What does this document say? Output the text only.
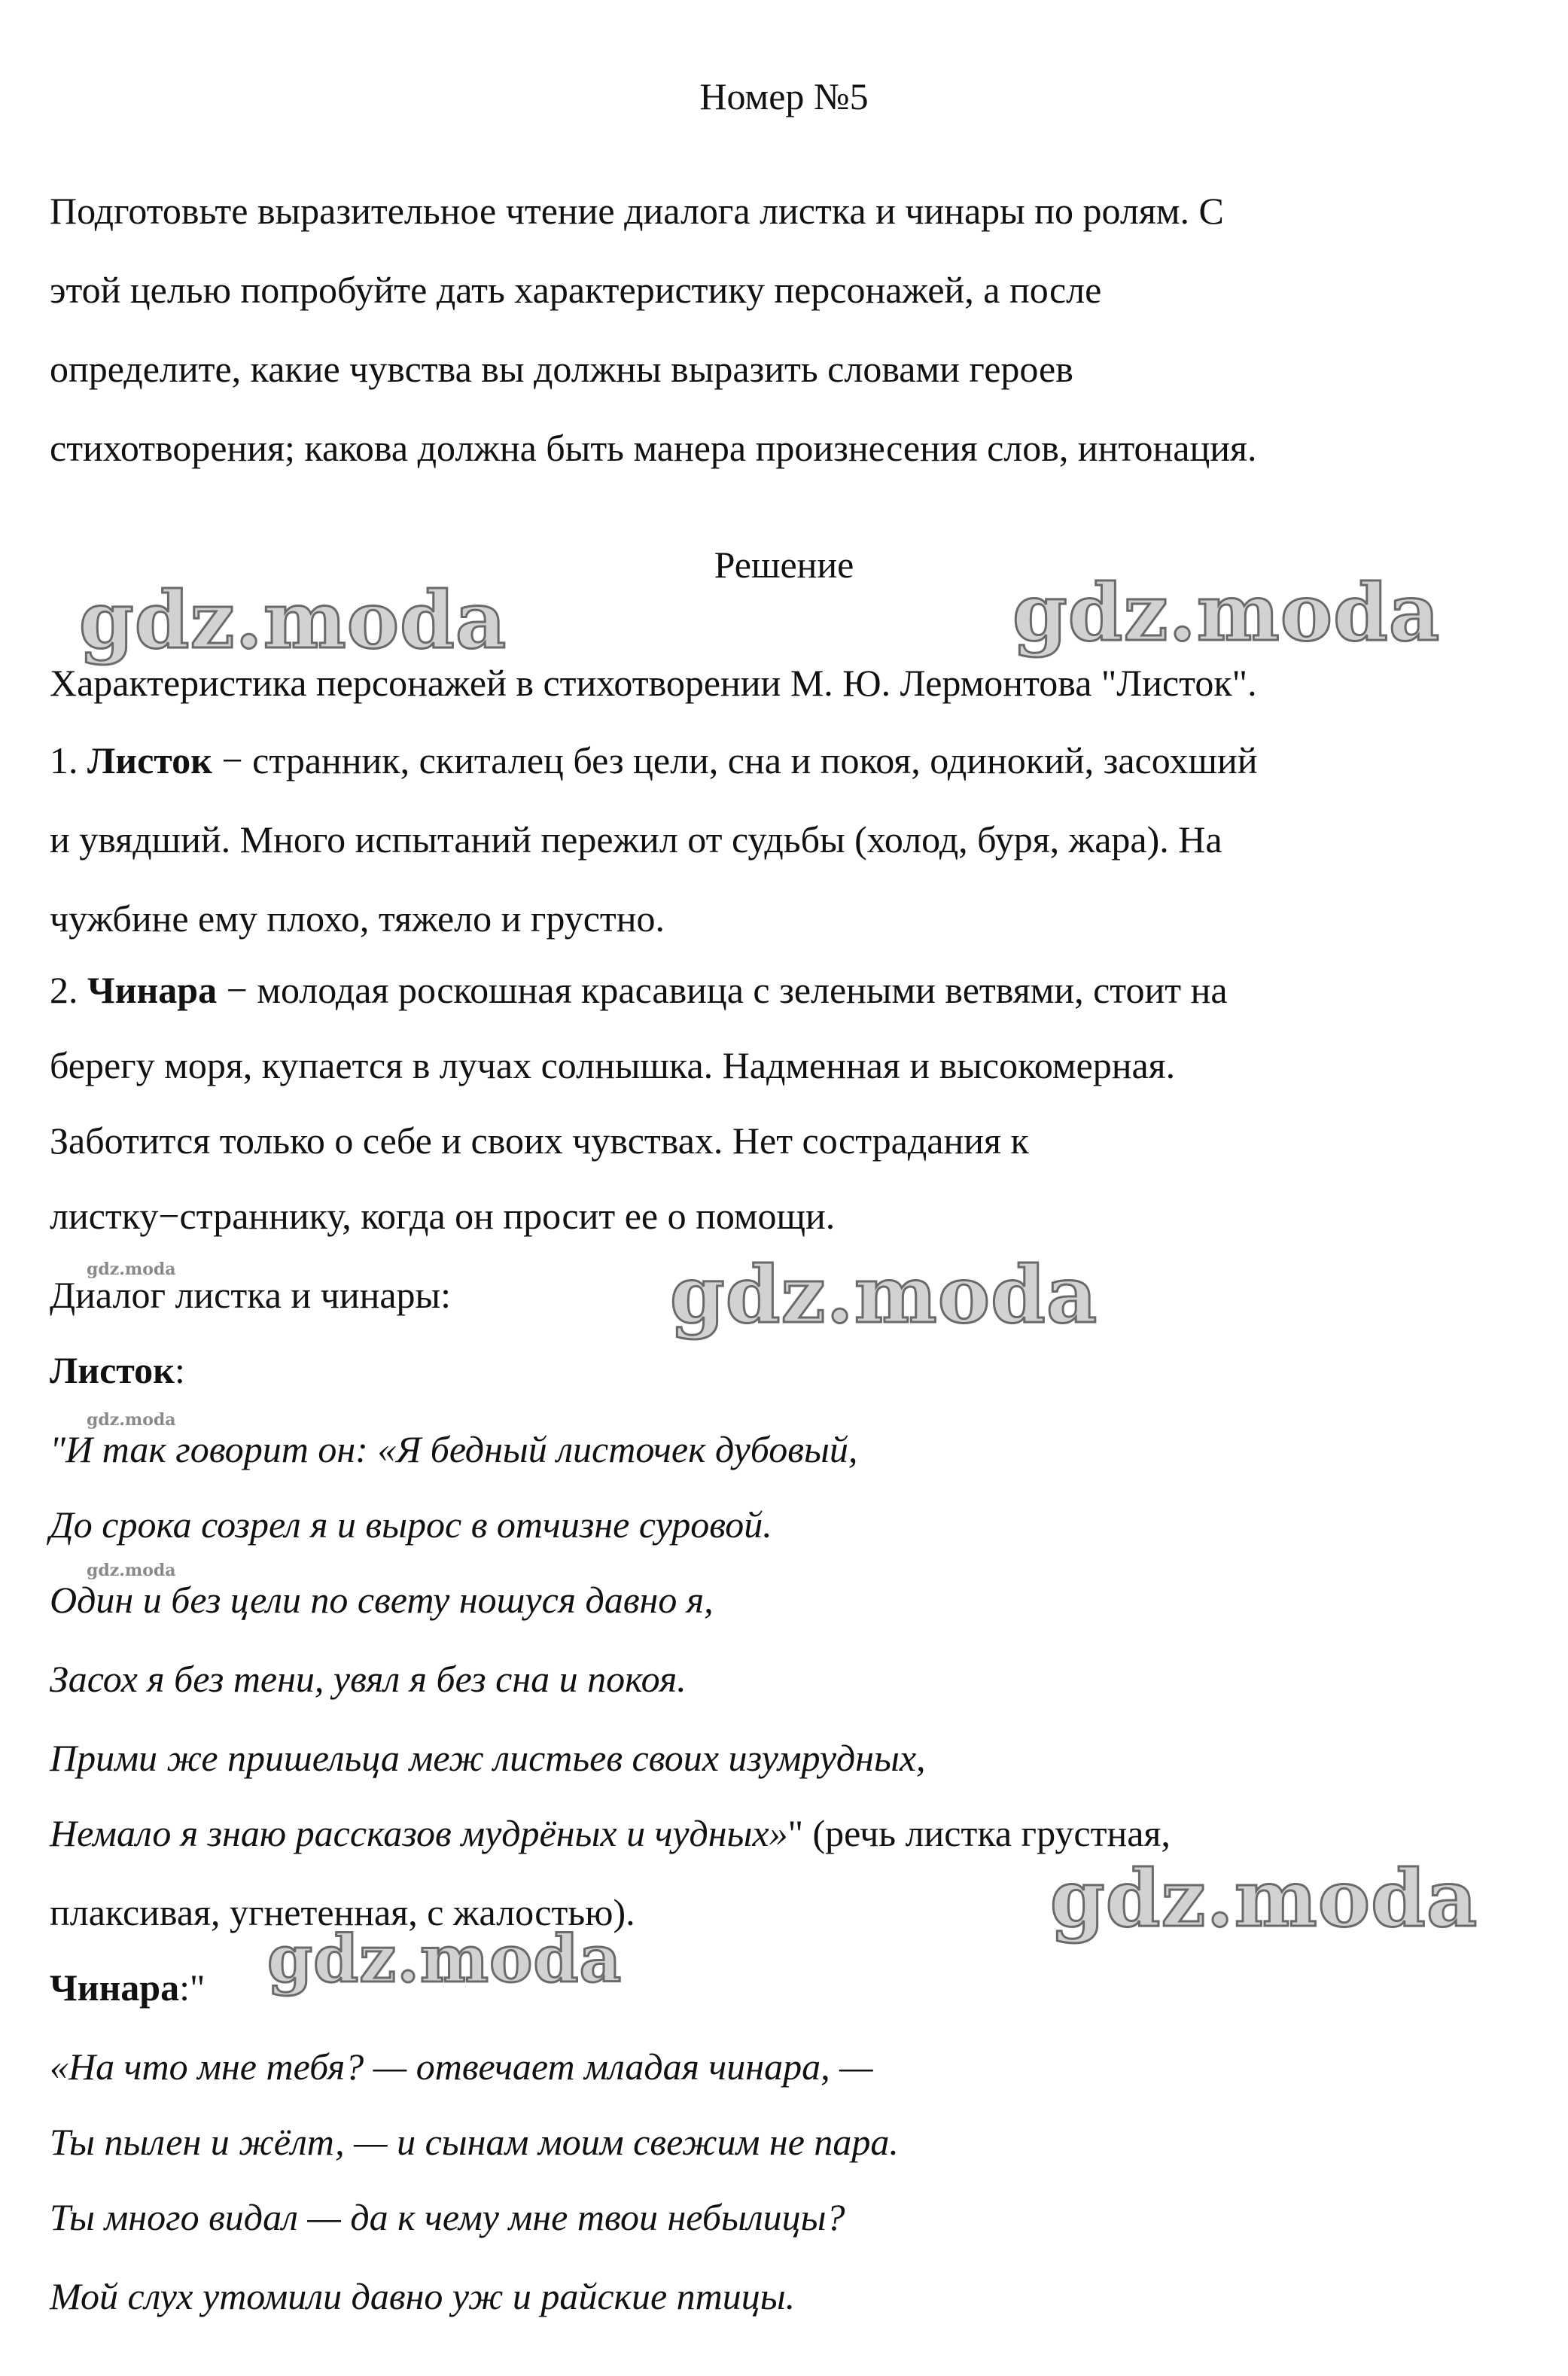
Номер №5
Подготовьте выразительное чтение диалога листка и чинары по ролям. С
этой целью попробуйте дать характеристику персонажей, а после
определите, какие чувства вы должны выразить словами героев
стихотворения; какова должна быть манера произнесения слов, интонация.
Решение
Характеристика персонажей в стихотворении М. Ю. Лермонтова "Листок".
1. Листок − странник, скиталец без цели, сна и покоя, одинокий, засохший
и увядший. Много испытаний пережил от судьбы (холод, буря, жара). На
чужбине ему плохо, тяжело и грустно.
2. Чинара − молодая роскошная красавица с зелеными ветвями, стоит на
берегу моря, купается в лучах солнышка. Надменная и высокомерная.
Заботится только о себе и своих чувствах. Нет сострадания к
листку−страннику, когда он просит ее о помощи.
Диалог листка и чинары:
Листок:
"И так говорит он: «Я бедный листочек дубовый,
До срока созрел я и вырос в отчизне суровой.
Один и без цели по свету ношуся давно я,
Засох я без тени, увял я без сна и покоя.
Прими же пришельца меж листьев своих изумрудных,
Немало я знаю рассказов мудрёных и чудных»" (речь листка грустная,
плаксивая, угнетенная, с жалостью).
Чинара:"
«На что мне тебя? — отвечает младая чинара, —
Ты пылен и жёлт, — и сынам моим свежим не пара.
Ты много видал — да к чему мне твои небылицы?
Мой слух утомили давно уж и райские птицы.
gdz.moda	gdz.moda
gdz.moda
gdz.moda
gdz.moda
gdz.moda
gdz.moda
gdz.moda
